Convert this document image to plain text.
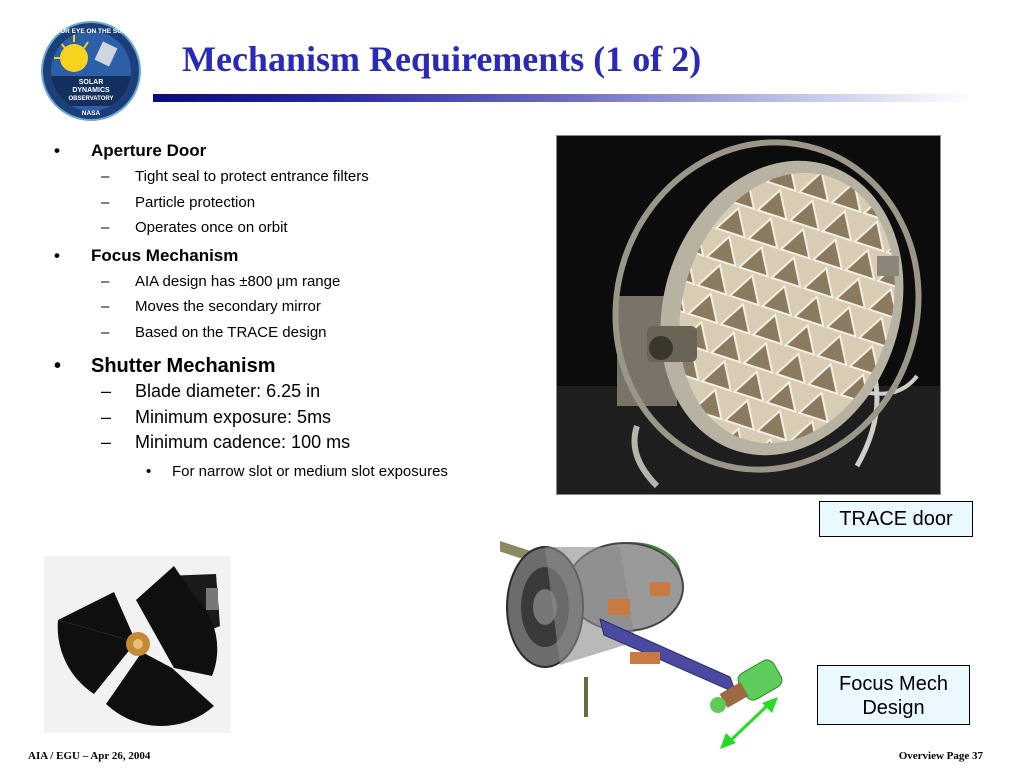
OUR EYE ON THE SUN
SOLAR
DYNAMICS
OBSERVATORY
NASA
Mechanism Requirements (1 of 2)
• Aperture Door
– Tight seal to protect entrance filters
– Particle protection
– Operates once on orbit
• Focus Mechanism
– AIA design has ±800 μm range
– Moves the secondary mirror
– Based on the TRACE design
• Shutter Mechanism
– Blade diameter: 6.25 in
– Minimum exposure: 5ms
– Minimum cadence: 100 ms
• For narrow slot or medium slot exposures
TRACE door
Focus Mech
Design
AIA / EGU – Apr 26, 2004	Overview Page 37
